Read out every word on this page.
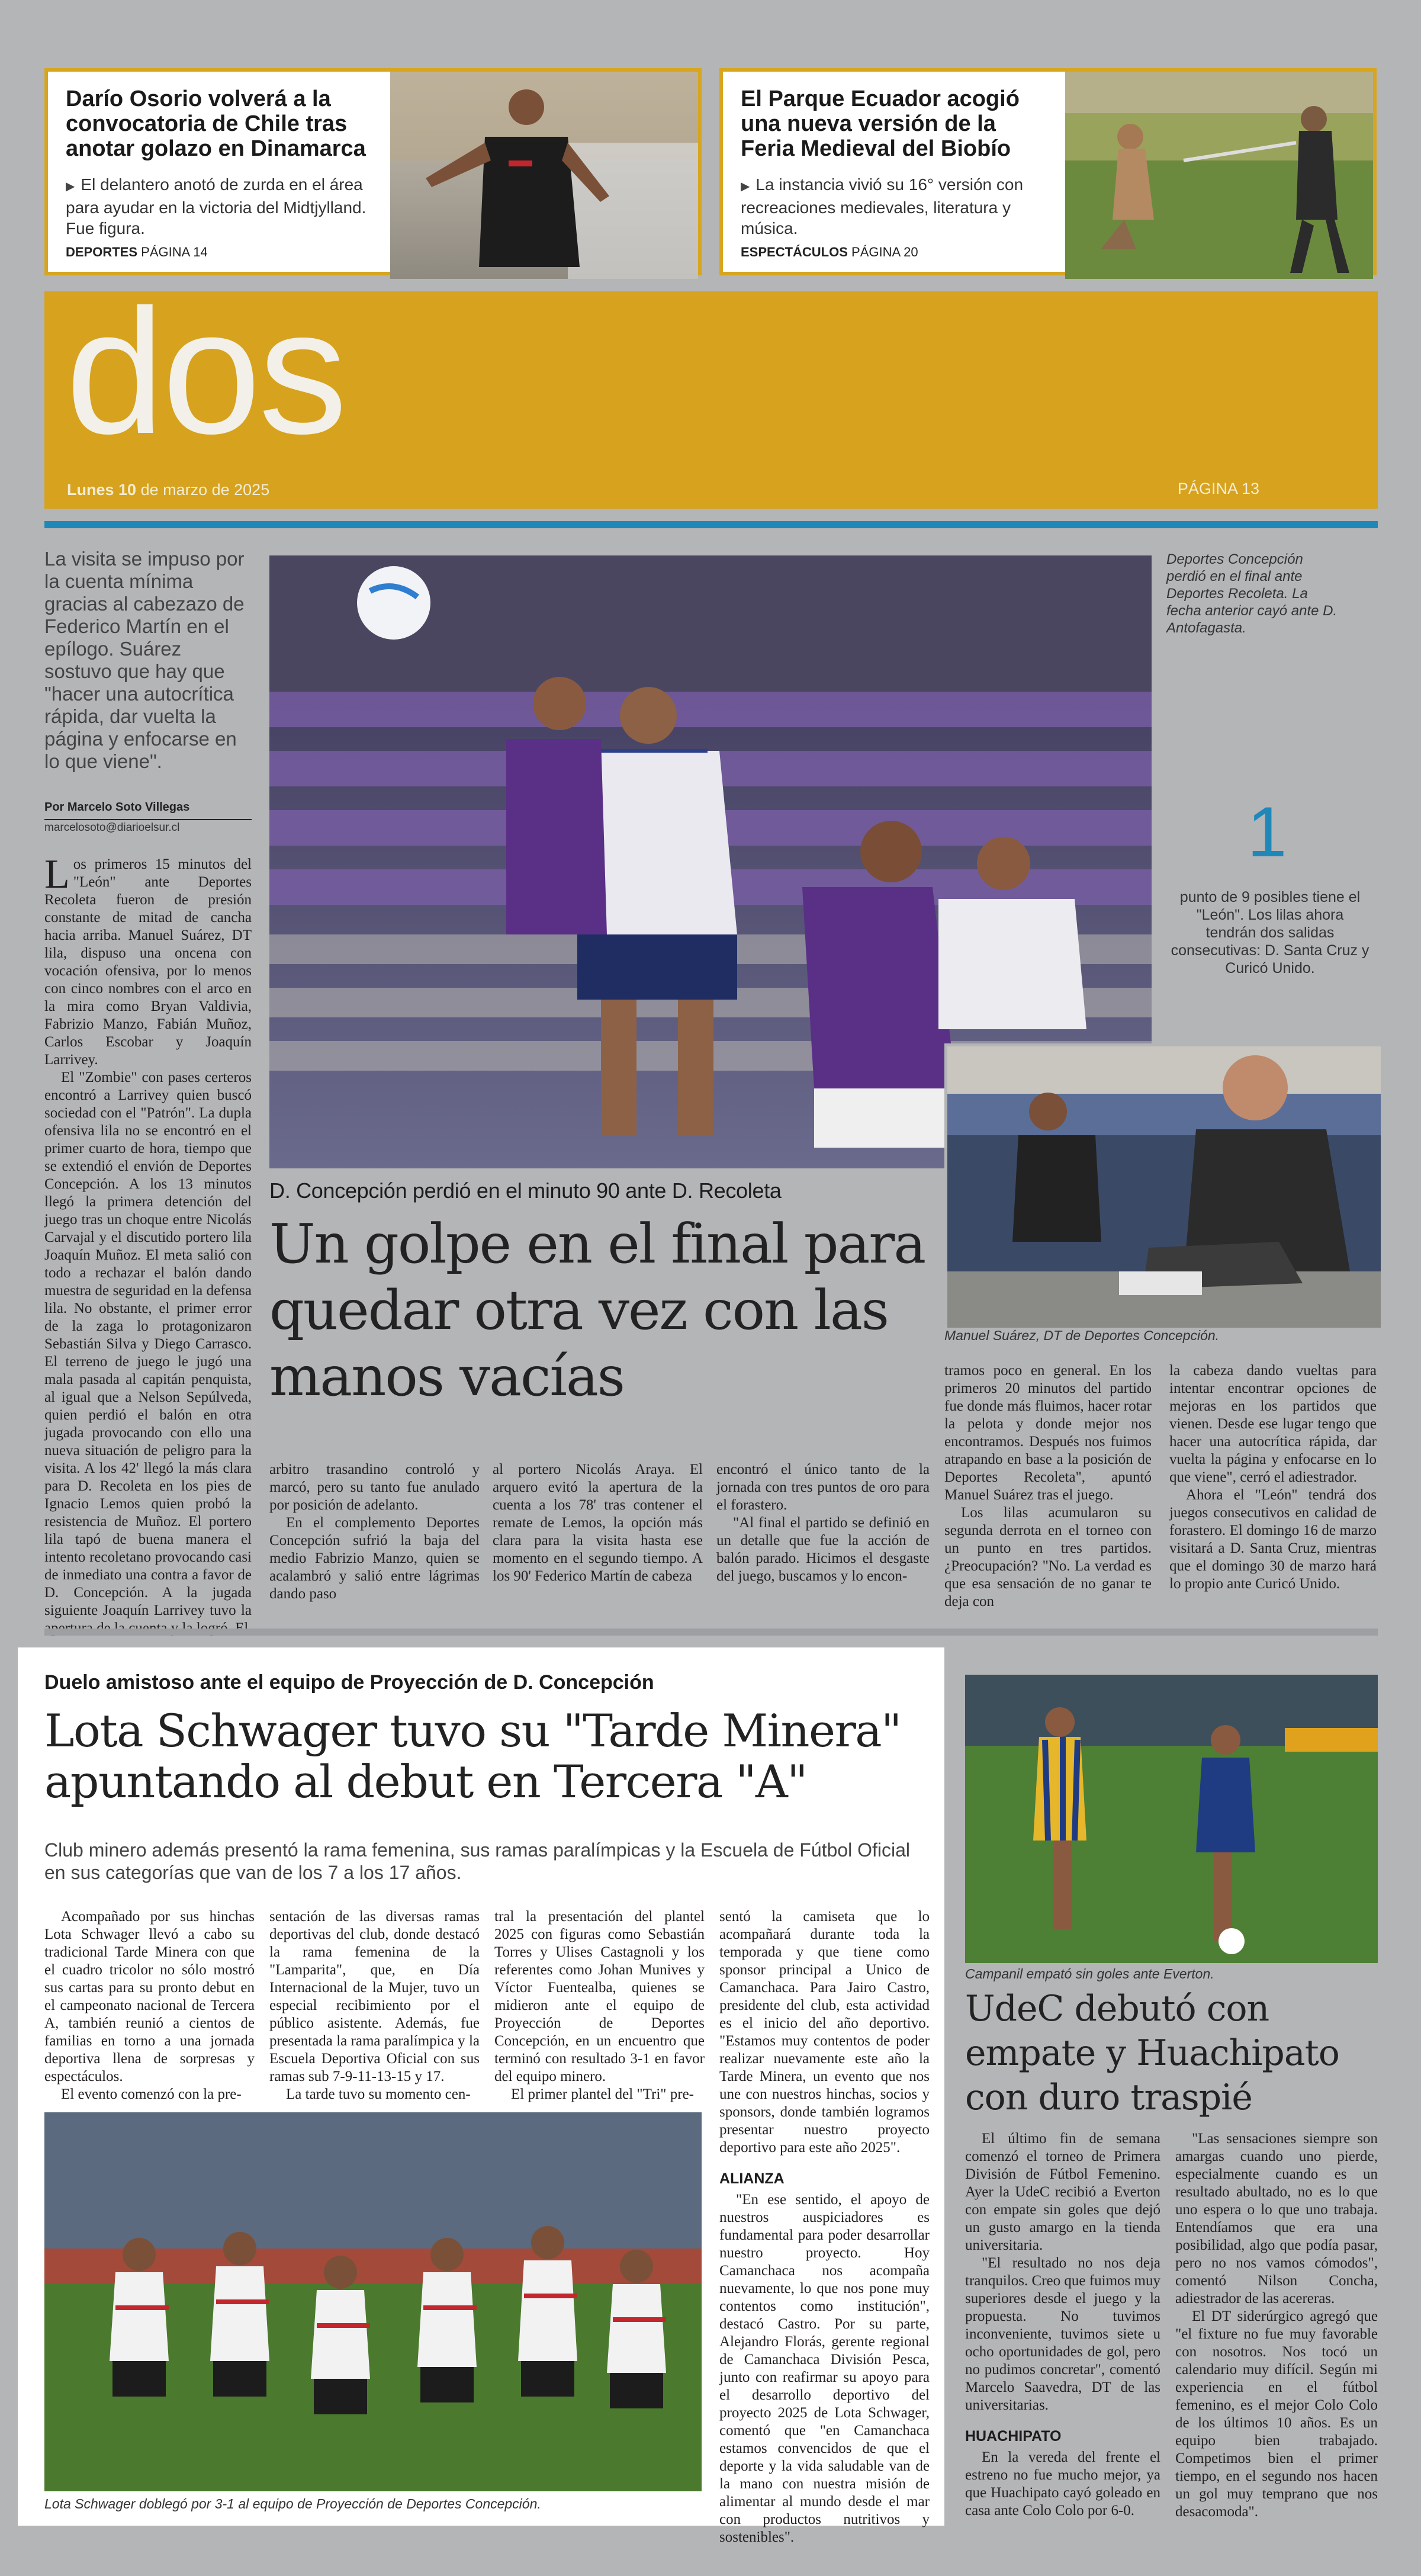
Darío Osorio volverá a la convocatoria de Chile tras anotar golazo en Dinamarca

▶ El delantero anotó de zurda en el área para ayudar en la victoria del Midtjylland. Fue figura.

DEPORTES PÁGINA 14
El Parque Ecuador acogió una nueva versión de la Feria Medieval del Biobío

▶ La instancia vivió su 16° versión con recreaciones medievales, literatura y música.

ESPECTÁCULOS PÁGINA 20
dos
Lunes 10 de marzo de 2025	PÁGINA 13
La visita se impuso por la cuenta mínima gracias al cabezazo de Federico Martín en el epílogo. Suárez sostuvo que hay que "hacer una autocrítica rápida, dar vuelta la página y enfocarse en lo que viene".
Por Marcelo Soto Villegas
marcelosoto@diarioelsur.cl

Los primeros 15 minutos del "León" ante Deportes Recoleta fueron de presión constante de mitad de cancha hacia arriba. Manuel Suárez, DT lila, dispuso una oncena con vocación ofensiva, por lo menos con cinco nombres con el arco en la mira como Bryan Valdivia, Fabrizio Manzo, Fabián Muñoz, Carlos Escobar y Joaquín Larrivey.

El "Zombie" con pases certeros encontró a Larrivey quien buscó sociedad con el "Patrón". La dupla ofensiva lila no se encontró en el primer cuarto de hora, tiempo que se extendió el envión de Deportes Concepción. A los 13 minutos llegó la primera detención del juego tras un choque entre Nicolás Carvajal y el discutido portero lila Joaquín Muñoz. El meta salió con todo a rechazar el balón dando muestra de seguridad en la defensa lila. No obstante, el primer error de la zaga lo protagonizaron Sebastián Silva y Diego Carrasco. El terreno de juego le jugó una mala pasada al capitán penquista, al igual que a Nelson Sepúlveda, quien perdió el balón en otra jugada provocando con ello una nueva situación de peligro para la visita. A los 42' llegó la más clara para D. Recoleta en los pies de Ignacio Lemos quien probó la resistencia de Muñoz. El portero lila tapó de buena manera el intento recoletano provocando casi de inmediato una contra a favor de D. Concepción. A la jugada siguiente Joaquín Larrivey tuvo la

Deportes Concepción perdió en el final ante Deportes Recoleta. La fecha anterior cayó ante D. Antofagasta.
1
punto de 9 posibles tiene el "León". Los lilas ahora tendrán dos salidas consecutivas: D. Santa Cruz y Curicó Unido.
Manuel Suárez, DT de Deportes Concepción.
D. Concepción perdió en el minuto 90 ante D. Recoleta
Un golpe en el final para quedar otra vez con las manos vacías

arbitro trasandino controló y marcó, pero su tanto fue anulado por posición de adelanto.

En el complemento Deportes Concepción sufrió la baja del medio Fabrizio Manzo, quien se acalambró y salió entre lágrimas dando paso

al portero Nicolás Araya. El arquero evitó la apertura de la cuenta a los 78' tras contener el remate de Lemos, la opción más clara para la visita hasta ese momento en el segundo tiempo. A los 90' Federico Martín de cabeza

encontró el único tanto de la jornada con tres puntos de oro para el forastero.

"Al final el partido se definió en un detalle que fue la acción de balón parado. Hicimos el desgaste del juego, buscamos y lo encon-

tramos poco en general. En los primeros 20 minutos del partido fue donde más fluimos, hacer rotar la pelota y donde mejor nos encontramos. Después nos fuimos atrapando en base a la posición de Deportes Recoleta", apuntó Manuel Suárez tras el juego.

Los lilas acumularon su segunda derrota en el torneo con un punto en tres partidos. ¿Preocupación? "No. La verdad es que esa sensación de no ganar te deja con

la cabeza dando vueltas para intentar encontrar opciones de mejoras en los partidos que vienen. Desde ese lugar tengo que hacer una autocrítica rápida, dar vuelta la página y enfocarse en lo que viene", cerró el adiestrador.

Ahora el "León" tendrá dos juegos consecutivos en calidad de forastero. El domingo 16 de marzo visitará a D. Santa Cruz, mientras que el domingo 30 de marzo hará lo propio ante Curicó Unido.

Duelo amistoso ante el equipo de Proyección de D. Concepción
Lota Schwager tuvo su "Tarde Minera" apuntando al debut en Tercera "A"
Club minero además presentó la rama femenina, sus ramas paralímpicas y la Escuela de Fútbol Oficial en sus categorías que van de los 7 a los 17 años.

Acompañado por sus hinchas Lota Schwager llevó a cabo su tradicional Tarde Minera con que el cuadro tricolor no sólo mostró sus cartas para su pronto debut en el campeonato nacional de Tercera A, también reunió a cientos de familias en torno a una jornada deportiva llena de sorpresas y espectáculos.

El evento comenzó con la pre-

sentación de las diversas ramas deportivas del club, donde destacó la rama femenina de la "Lamparita", que, en Día Internacional de la Mujer, tuvo un especial recibimiento por el público asistente. Además, fue presentada la rama paralímpica y la Escuela Deportiva Oficial con sus ramas sub 7-9-11-13-15 y 17.

La tarde tuvo su momento cen-

tral la presentación del plantel 2025 con figuras como Sebastián Torres y Ulises Castagnoli y los referentes como Johan Munives y Víctor Fuentealba, quienes se midieron ante el equipo de Proyección de Deportes Concepción, en un encuentro que terminó con resultado 3-1 en favor del equipo minero.

El primer plantel del "Tri" pre-

sentó la camiseta que lo acompañará durante toda la temporada y que tiene como sponsor principal a Unico de Camanchaca. Para Jairo Castro, presidente del club, esta actividad es el inicio del año deportivo. "Estamos muy contentos de poder realizar nuevamente este año la Tarde Minera, un evento que nos une con nuestros hinchas, socios y sponsors, donde también logramos presentar nuestro proyecto deportivo para este año 2025".

ALIANZA

"En ese sentido, el apoyo de nuestros auspiciadores es fundamental para poder desarrollar nuestro proyecto. Hoy Camanchaca nos acompaña nuevamente, lo que nos pone muy contentos como institución", destacó Castro. Por su parte, Alejandro Florás, gerente regional de Camanchaca División Pesca, junto con reafirmar su apoyo para el desarrollo deportivo del proyecto 2025 de Lota Schwager, comentó que "en Camanchaca estamos convencidos de que el deporte y la vida saludable van de la mano con nuestra misión de alimentar al mundo desde el mar con productos nutritivos y sostenibles".

Lota Schwager doblegó por 3-1 al equipo de Proyección de Deportes Concepción.
Campanil empató sin goles ante Everton.
UdeC debutó con empate y Huachipato con duro traspié

El último fin de semana comenzó el torneo de Primera División de Fútbol Femenino. Ayer la UdeC recibió a Everton con empate sin goles que dejó un gusto amargo en la tienda universitaria.

"El resultado no nos deja tranquilos. Creo que fuimos muy superiores desde el juego y la propuesta. No tuvimos inconveniente, tuvimos siete u ocho oportunidades de gol, pero no pudimos concretar", comentó Marcelo Saavedra, DT de las universitarias.

HUACHIPATO

En la vereda del frente el estreno no fue mucho mejor, ya que Huachipato cayó goleado en casa ante Colo Colo por 6-0.

"Las sensaciones siempre son amargas cuando uno pierde, especialmente cuando es un resultado abultado, no es lo que uno espera o lo que uno trabaja. Entendíamos que era una posibilidad, algo que podía pasar, pero no nos vamos cómodos", comentó Nilson Concha, adiestrador de las acereras.

El DT siderúrgico agregó que "el fixture no fue muy favorable con nosotros. Nos tocó un calendario muy difícil. Según mi experiencia en el fútbol femenino, es el mejor Colo Colo de los últimos 10 años. Es un equipo bien trabajado. Competimos bien el primer tiempo, en el segundo nos hacen un gol muy temprano que nos desacomoda".
